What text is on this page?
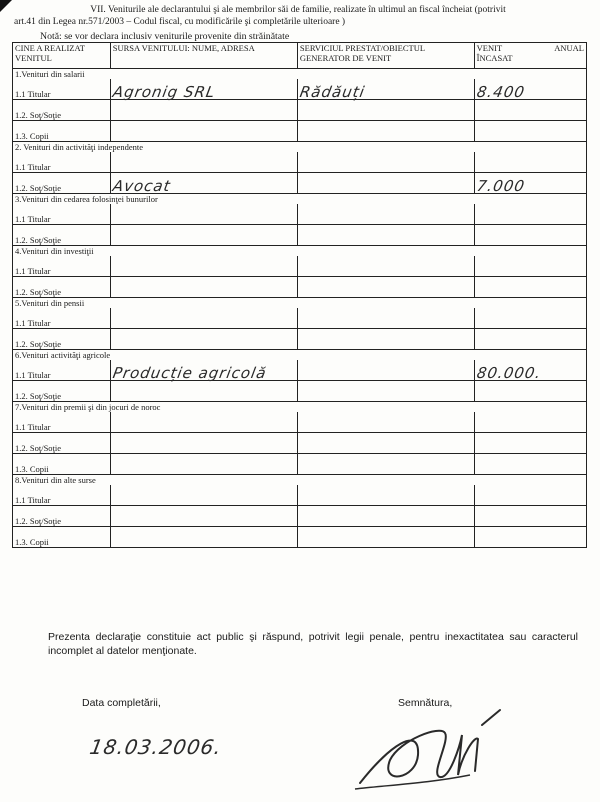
VII. Veniturile ale declarantului şi ale membrilor săi de familie, realizate în ultimul an fiscal încheiat (potrivit
art.41 din Legea nr.571/2003 – Codul fiscal, cu modificările şi completările ulterioare )
Notă: se vor declara inclusiv veniturile provenite din străinătate
CINE A REALIZAT VENITUL	SURSA VENITULUI: NUME, ADRESA	SERVICIUL PRESTAT/OBIECTUL GENERATOR DE VENIT	VENIT ANUAL
ÎNCASAT
1.Venituri din salarii			
1.1 Titular	Agronig SRL	Rădăuți	8.400
1.2. Soţ/Soţie			
1.3. Copii			
2. Venituri din activităţi independente			
1.1 Titular			
1.2. Soţ/Soţie	Avocat		7.000
3.Venituri din cedarea folosinţei bunurilor			
1.1 Titular			
1.2. Soţ/Soţie			
4.Venituri din investiţii			
1.1 Titular			
1.2. Soţ/Soţie			
5.Venituri din pensii			
1.1 Titular			
1.2. Soţ/Soţie			
6.Venituri activităţi agricole			
1.1 Titular	Producție agricolă		80.000.
1.2. Soţ/Soţie			
7.Venituri din premii şi din jocuri de noroc			
1.1 Titular			
1.2. Soţ/Soţie			
1.3. Copii			
8.Venituri din alte surse			
1.1 Titular			
1.2. Soţ/Soţie			
1.3. Copii			
Prezenta declaraţie constituie act public şi răspund, potrivit legii penale, pentru inexactitatea sau caracterul incomplet al datelor menţionate.
Data completării,	Semnătura,
18.03.2006.
